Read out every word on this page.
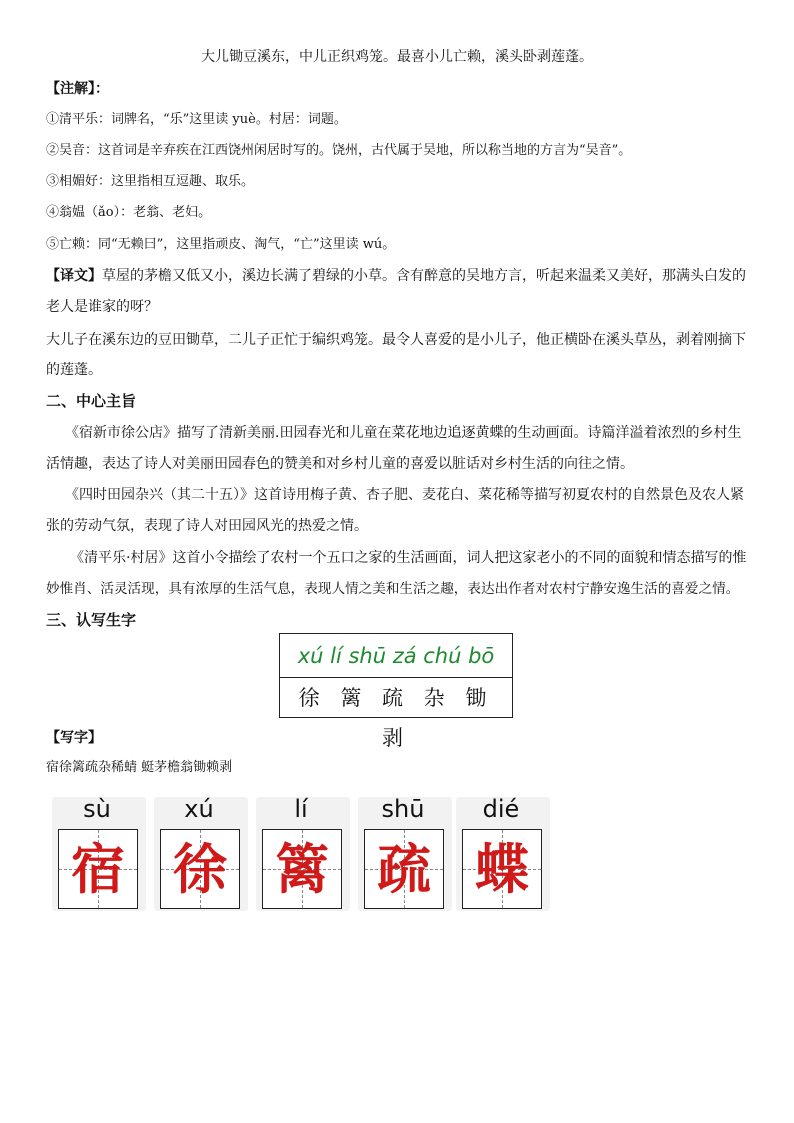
大儿锄豆溪东，中儿正织鸡笼。最喜小儿亡赖，溪头卧剥莲蓬。
【注解】：
①清平乐：词牌名，“乐”这里读 yuè。村居：词题。
②吴音：这首词是辛弃疾在江西饶州闲居时写的。饶州，古代属于吴地，所以称当地的方言为“吴音”。
③相媚好：这里指相互逗趣、取乐。
④翁媪（ǎo）：老翁、老妇。
⑤亡赖：同“无赖曰”，这里指顽皮、淘气，“亡”这里读 wú。
【译文】草屋的茅檐又低又小，溪边长满了碧绿的小草。含有醉意的吴地方言，听起来温柔又美好，那满头白发的
老人是谁家的呀？
大儿子在溪东边的豆田锄草，二儿子正忙于编织鸡笼。最令人喜爱的是小儿子，他正横卧在溪头草丛，剥着刚摘下
的莲蓬。
二、中心主旨
《宿新市徐公店》描写了清新美丽.田园春光和儿童在菜花地边追逐黄蝶的生动画面。诗篇洋溢着浓烈的乡村生
活情趣，表达了诗人对美丽田园春色的赞美和对乡村儿童的喜爱以脏话对乡村生活的向往之情。
《四时田园杂兴（其二十五）》这首诗用梅子黄、杏子肥、麦花白、菜花稀等描写初夏农村的自然景色及农人紧
张的劳动气氛，表现了诗人对田园风光的热爱之情。
《清平乐·村居》这首小令描绘了农村一个五口之家的生活画面，词人把这家老小的不同的面貌和情态描写的惟
妙惟肖、活灵活现，具有浓厚的生活气息，表现人情之美和生活之趣，表达出作者对农村宁静安逸生活的喜爱之情。
三、认写生字
xú lí shū zá chú bō
徐 篱 疏 杂 锄 剥
【写字】
宿徐篱疏杂稀蜻 蜓茅檐翁锄赖剥
sù
宿
xú
徐
lí
篱
shū
疏
dié
蝶
